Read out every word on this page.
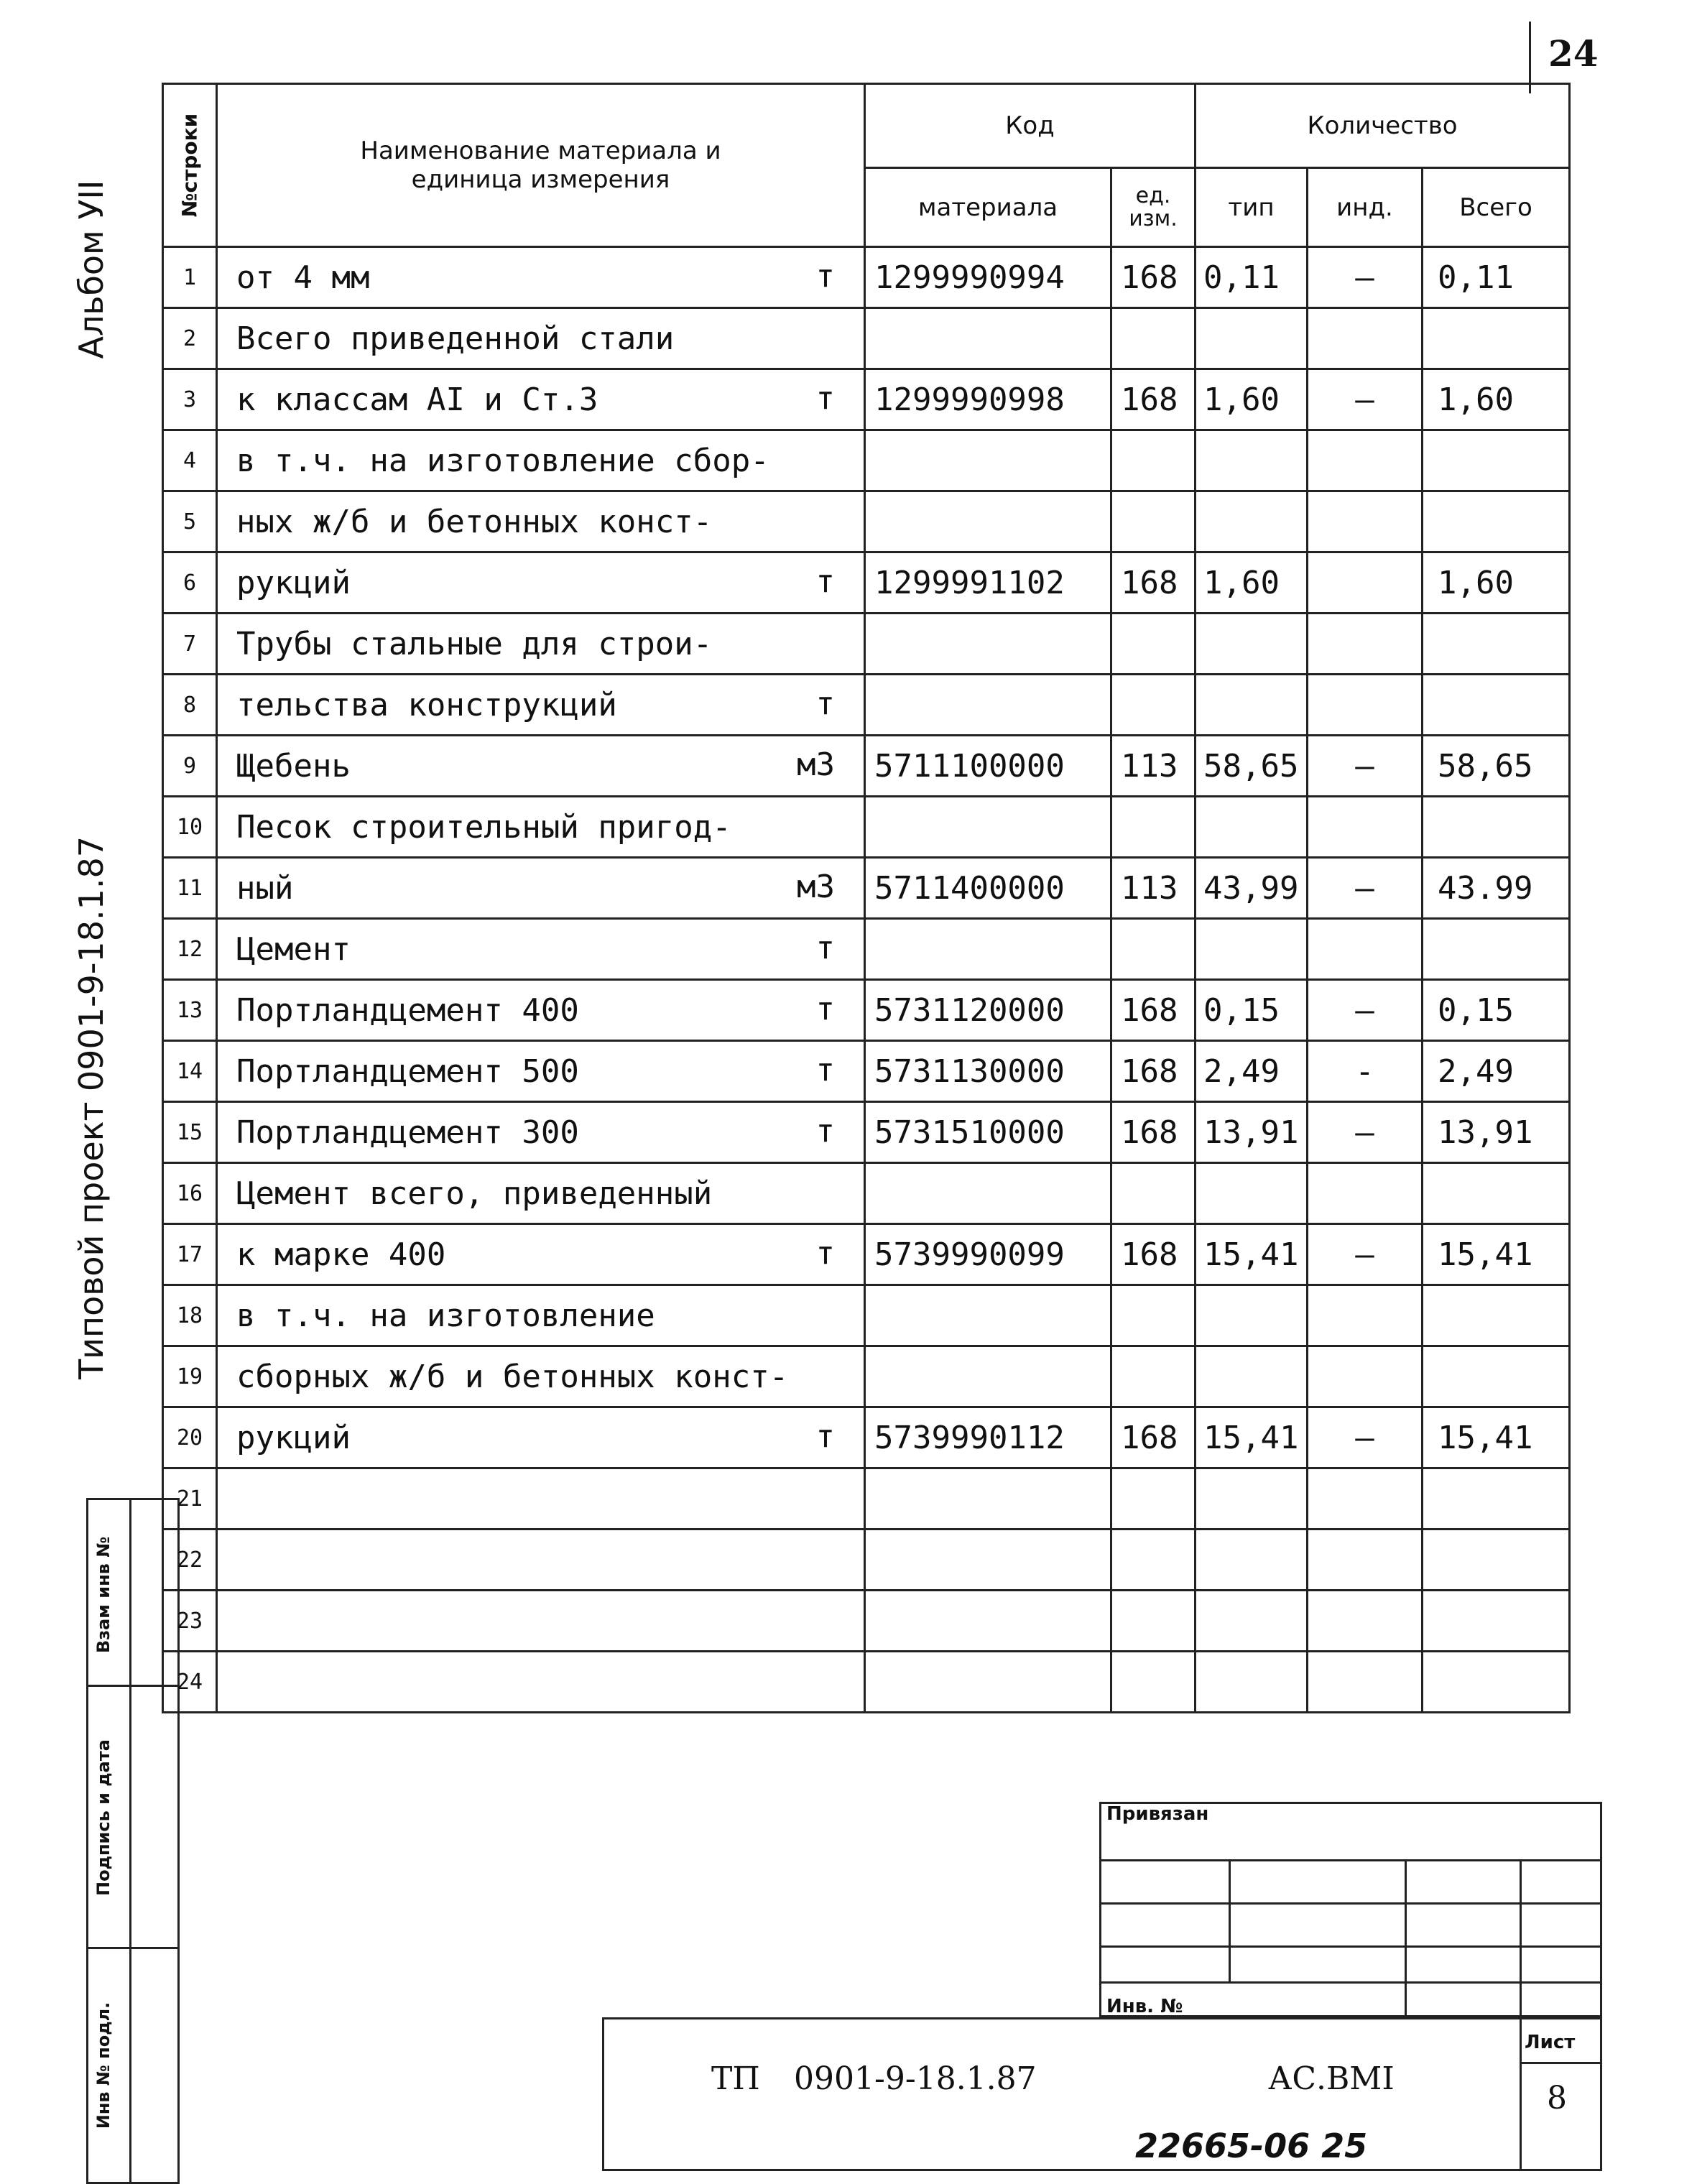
24
Альбом УII
Типовой проект 0901-9-18.1.87
Взам инв №
Подпись и дата
Инв № подл.
№строки	Наименование материала и единица измерения	Код		Количество		
		материала	ед. изм.	тип	инд.	Всего
1	от 4 мм т	1299990994	168	0,11	–	0,11
2	Всего приведенной стали

3	к классам АI и Ст.3 т	1299990998	168	1,60	–	1,60
4	в т.ч. на изготовление сбор-

5	ных ж/б и бетонных конст-

6	рукций т	1299991102	168	1,60		1,60
7	Трубы стальные для строи-

8	тельства конструкций т					

9	Щебень м3	5711100000	113	58,65	–	58,65
10	Песок строительный пригод-

11	ный м3	5711400000	113	43,99	–	43.99
12	Цемент т					

13	Портландцемент 400 т	5731120000	168	0,15	–	0,15
14	Портландцемент 500 т	5731130000	168	2,49	-	2,49
15	Портландцемент 300 т	5731510000	168	13,91	–	13,91
16	Цемент всего, приведенный

17	к марке 400 т	5739990099	168	15,41	–	15,41
18	в т.ч. на изготовление

19	сборных ж/б и бетонных конст-

20	рукций т	5739990112	168	15,41	–	15,41
21	

22	

23	

24	

Привязан
Инв. №
Лист
8
ТП 0901-9-18.1.87	АС.ВМI
22665-06 25
